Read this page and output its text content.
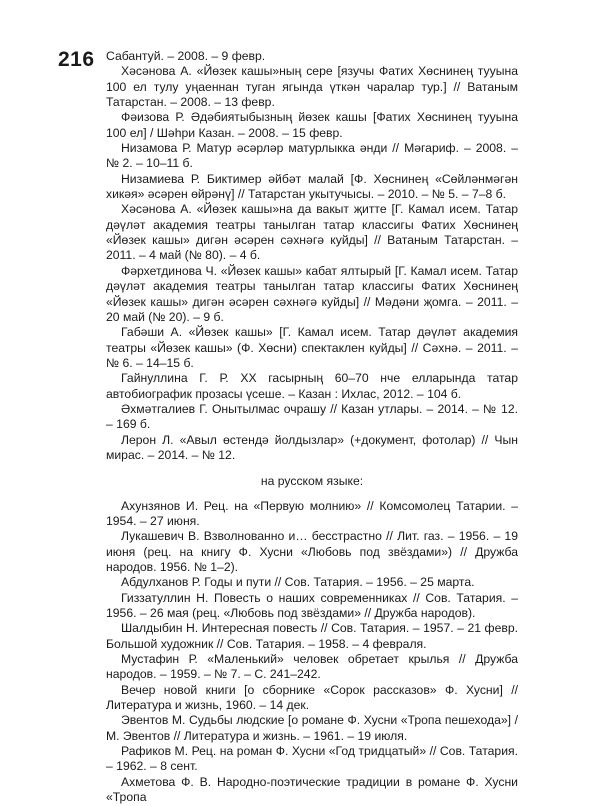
216 Сабантуй. – 2008. – 9 февр.

Хәсәнова А. «Йөзек кашы»ның сере [язучы Фатих Хөснинең тууына 100 ел тулу уңаеннан туган ягында үткән чаралар тур.] // Ватаным Татарстан. – 2008. – 13 февр.

Фәизова Р. Әдәбиятыбызның йөзек кашы [Фатих Хөснинең тууына 100 ел] / Шәһри Казан. – 2008. – 15 февр.

Низамова Р. Матур әсәрләр матурлыкка әнди // Мәгариф. – 2008. – № 2. – 10–11 б.

Низамиева Р. Биктимер әйбәт малай [Ф. Хөснинең «Сөйләнмәгән хикәя» әсәрен өйрәнү] // Татарстан укытучысы. – 2010. – № 5. – 7–8 б.

Хәсәнова А. «Йөзек кашы»на да вакыт җитте [Г. Камал исем. Татар дәүләт академия театры танылган татар классигы Фатих Хөснинең «Йөзек кашы» дигән әсәрен сәхнәгә куйды] // Ватаным Татарстан. – 2011. – 4 май (№ 80). – 4 б.

Фәрхетдинова Ч. «Йөзек кашы» кабат ялтырый [Г. Камал исем. Татар дәүләт академия театры танылган татар классигы Фатих Хөснинең «Йөзек кашы» дигән әсәрен сәхнәгә куйды] // Мәдәни җомга. – 2011. – 20 май (№ 20). – 9 б.

Габәши А. «Йөзек кашы» [Г. Камал исем. Татар дәүләт академия театры «Йөзек кашы» (Ф. Хөсни) спектаклен куйды] // Сәхнә. – 2011. – № 6. – 14–15 б.

Гайнуллина Г. Р. XX гасырның 60–70 нче елларында татар автобиографик прозасы үсеше. – Казан : Ихлас, 2012. – 104 б.

Әхмәтгалиев Г. Онытылмас очрашу // Казан утлары. – 2014. – № 12. – 169 б.

Лерон Л. «Авыл өстендә йолдызлар» (+документ, фотолар) // Чын мирас. – 2014. – № 12.

на русском языке:

Ахунзянов И. Рец. на «Первую молнию» // Комсомолец Татарии. – 1954. – 27 июня.

Лукашевич В. Взволнованно и… бесстрастно // Лит. газ. – 1956. – 19 июня (рец. на книгу Ф. Хусни «Любовь под звёздами») // Дружба народов. 1956. № 1–2).

Абдулханов Р. Годы и пути // Сов. Татария. – 1956. – 25 марта.

Гиззатуллин Н. Повесть о наших современниках // Сов. Татария. – 1956. – 26 мая (рец. «Любовь под звёздами» // Дружба народов).

Шалдыбин Н. Интересная повесть // Сов. Татария. – 1957. – 21 февр. Большой художник // Сов. Татария. – 1958. – 4 февраля.

Мустафин Р. «Маленький» человек обретает крылья // Дружба народов. – 1959. – № 7. – С. 241–242.

Вечер новой книги [о сборнике «Сорок рассказов» Ф. Хусни] // Литература и жизнь, 1960. – 14 дек.

Эвентов М. Судьбы людские [о романе Ф. Хусни «Тропа пешехода»] / М. Эвентов // Литература и жизнь. – 1961. – 19 июля.

Рафиков М. Рец. на роман Ф. Хусни «Год тридцатый» // Сов. Татария. – 1962. – 8 сент.

Ахметова Ф. В. Народно-поэтические традиции в романе Ф. Хусни «Тропа
